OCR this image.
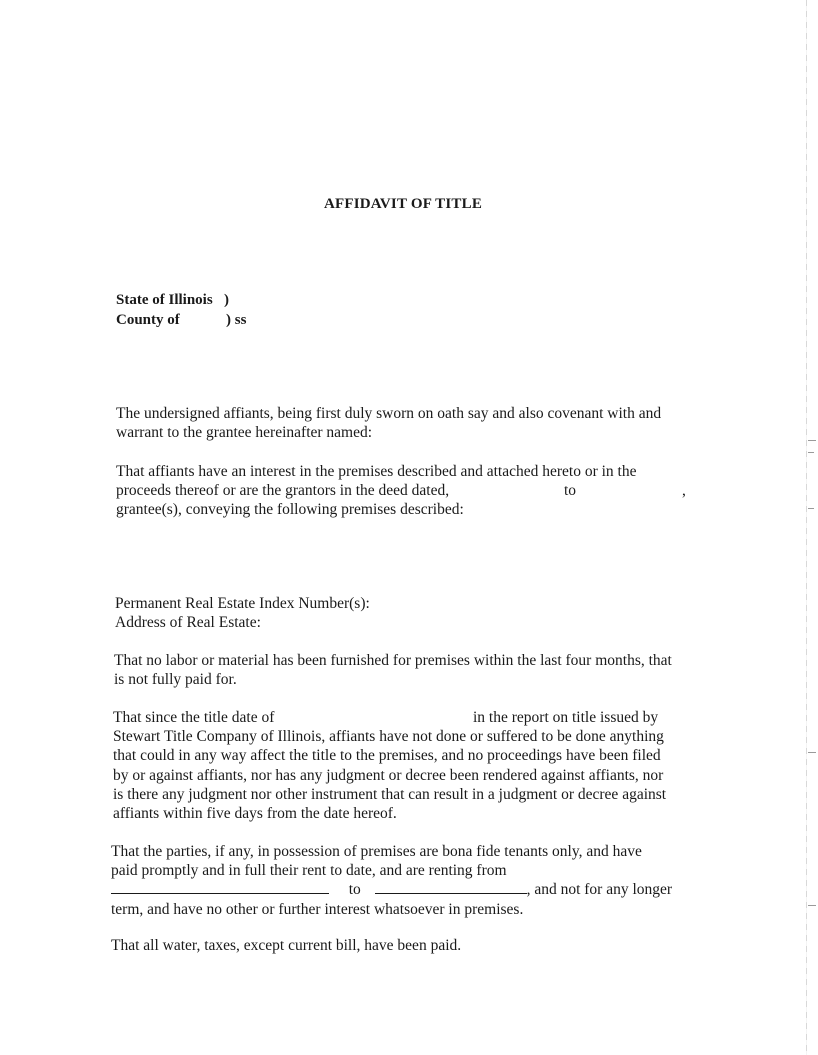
AFFIDAVIT OF TITLE
State of Illinois )
County of	) ss
The undersigned affiants, being first duly sworn on oath say and also covenant with and
warrant to the grantee hereinafter named:
That affiants have an interest in the premises described and attached hereto or in the
proceeds thereof or are the grantors in the deed dated,	to	,
grantee(s), conveying the following premises described:
Permanent Real Estate Index Number(s):
Address of Real Estate:
That no labor or material has been furnished for premises within the last four months, that
is not fully paid for.
That since the title date of	in the report on title issued by
Stewart Title Company of Illinois, affiants have not done or suffered to be done anything
that could in any way affect the title to the premises, and no proceedings have been filed
by or against affiants, nor has any judgment or decree been rendered against affiants, nor
is there any judgment nor other instrument that can result in a judgment or decree against
affiants within five days from the date hereof.
That the parties, if any, in possession of premises are bona fide tenants only, and have
paid promptly and in full their rent to date, and are renting from
to	, and not for any longer
term, and have no other or further interest whatsoever in premises.
That all water, taxes, except current bill, have been paid.
